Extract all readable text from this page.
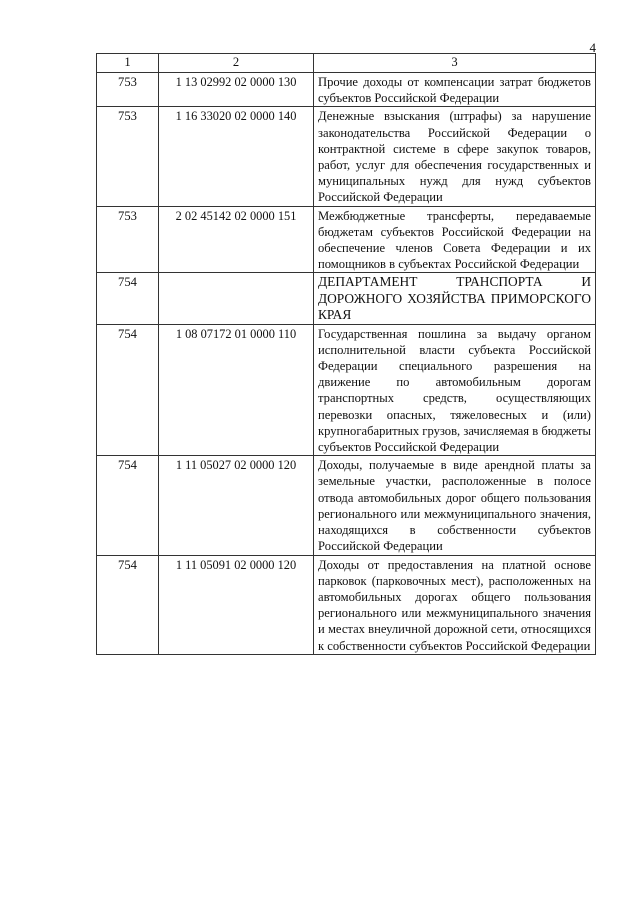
4
1	2	3
753	1 13 02992 02 0000 130	Прочие доходы от компенсации затрат бюджетов субъектов Российской Федерации
753	1 16 33020 02 0000 140	Денежные взыскания (штрафы) за нарушение законодательства Российской Федерации о контрактной системе в сфере закупок товаров, работ, услуг для обеспечения государственных и муниципальных нужд для нужд субъектов Российской Федерации
753	2 02 45142 02 0000 151	Межбюджетные трансферты, передаваемые бюджетам субъектов Российской Федерации на обеспечение членов Совета Федерации и их помощников в субъектах Российской Федерации
754		ДЕПАРТАМЕНТ ТРАНСПОРТА И ДОРОЖНОГО ХОЗЯЙСТВА ПРИМОРСКОГО КРАЯ
754	1 08 07172 01 0000 110	Государственная пошлина за выдачу органом исполнительной власти субъекта Российской Федерации специального разрешения на движение по автомобильным дорогам транспортных средств, осуществляющих перевозки опасных, тяжеловесных и (или) крупногабаритных грузов, зачисляемая в бюджеты субъектов Российской Федерации
754	1 11 05027 02 0000 120	Доходы, получаемые в виде арендной платы за земельные участки, расположенные в полосе отвода автомобильных дорог общего пользования регионального или межмуниципального значения, находящихся в собственности субъектов Российской Федерации
754	1 11 05091 02 0000 120	Доходы от предоставления на платной основе парковок (парковочных мест), расположенных на автомобильных дорогах общего пользования регионального или межмуниципального значения и местах внеуличной дорожной сети, относящихся к собственности субъектов Российской Федерации
